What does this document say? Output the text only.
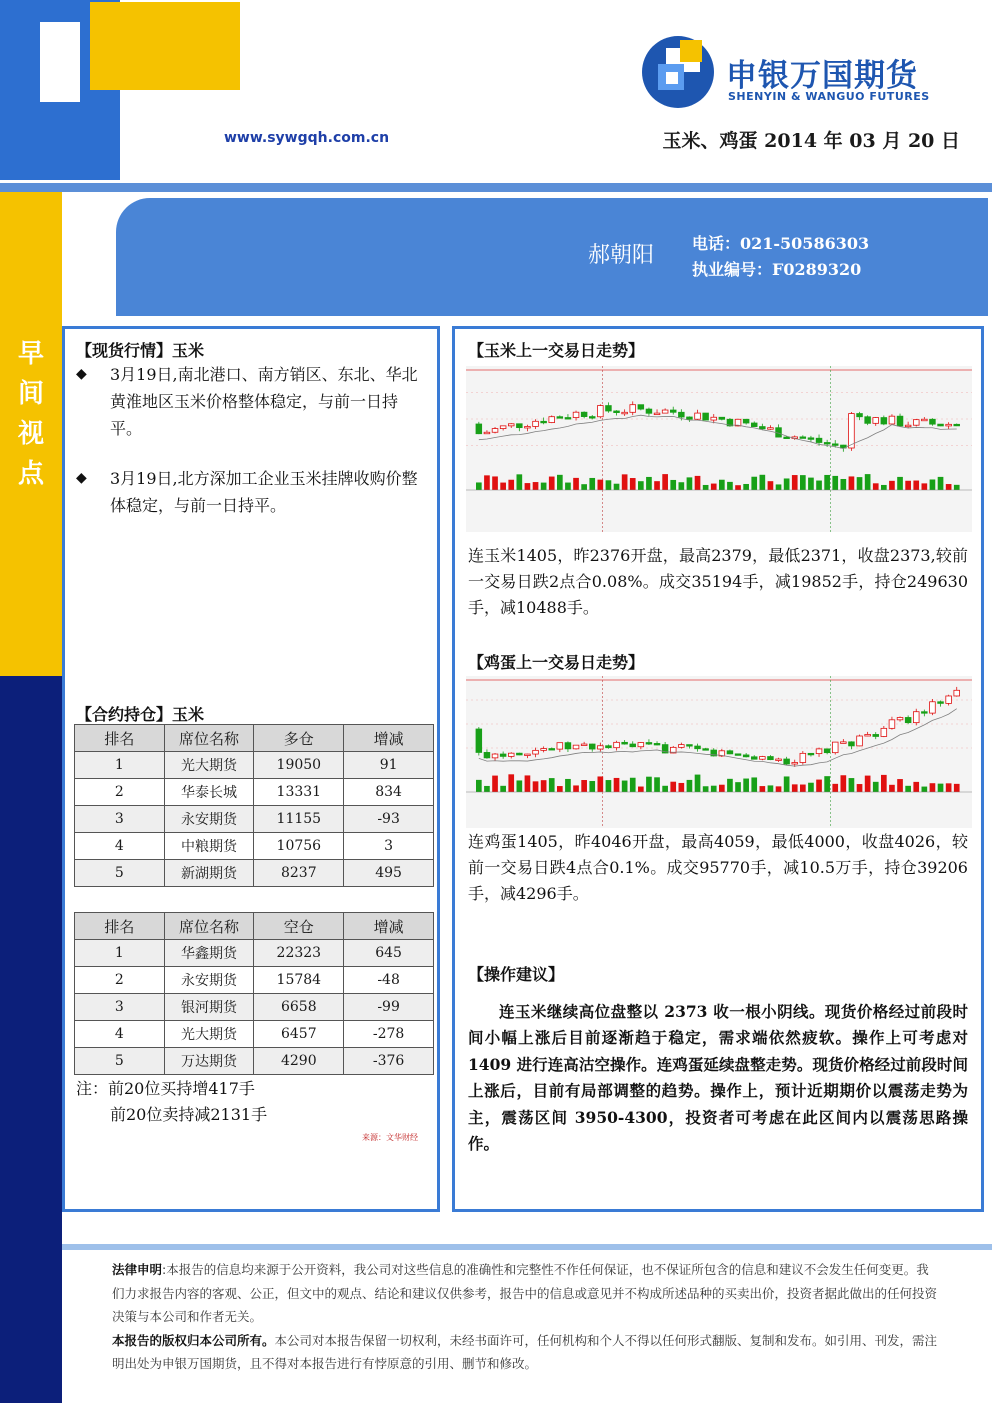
申银万国期货
SHENYIN & WANGUO FUTURES
www.sywgqh.com.cn	玉米、鸡蛋 2014 年 03 月 20 日
早间视点
郝朝阳 电话：021-50586303
执业编号：F0289320
【现货行情】玉米
◆	3月19日,南北港口、南方销区、东北、华北黄淮地区玉米价格整体稳定，与前一日持平。
◆	3月19日,北方深加工企业玉米挂牌收购价整体稳定，与前一日持平。
【合约持仓】玉米
排名	席位名称	多仓	增减
1	光大期货	19050	91
2	华泰长城	13331	834
3	永安期货	11155	-93
4	中粮期货	10756	3
5	新湖期货	8237	495
排名	席位名称	空仓	增减
1	华鑫期货	22323	645
2	永安期货	15784	-48
3	银河期货	6658	-99
4	光大期货	6457	-278
5	万达期货	4290	-376
注：前20位买持增417手
前20位卖持减2131手
来源：文华财经
【玉米上一交易日走势】
连玉米1405，昨2376开盘，最高2379，最低2371，收盘2373,较前一交易日跌2点合0.08%。成交35194手，减19852手，持仓249630手，减10488手。
【鸡蛋上一交易日走势】
连鸡蛋1405，昨4046开盘，最高4059，最低4000，收盘4026，较前一交易日跌4点合0.1%。成交95770手，减10.5万手，持仓39206手，减4296手。
【操作建议】
连玉米继续高位盘整以 2373 收一根小阴线。现货价格经过前段时间小幅上涨后目前逐渐趋于稳定，需求端依然疲软。操作上可考虑对 1409 进行连高沽空操作。连鸡蛋延续盘整走势。现货价格经过前段时间上涨后，目前有局部调整的趋势。操作上，预计近期期价以震荡走势为主，震荡区间 3950-4300，投资者可考虑在此区间内以震荡思路操作。
法律申明:本报告的信息均来源于公开资料，我公司对这些信息的准确性和完整性不作任何保证，也不保证所包含的信息和建议不会发生任何变更。我们力求报告内容的客观、公正，但文中的观点、结论和建议仅供参考，报告中的信息或意见并不构成所述品种的买卖出价，投资者据此做出的任何投资决策与本公司和作者无关。
本报告的版权归本公司所有。本公司对本报告保留一切权利，未经书面许可，任何机构和个人不得以任何形式翻版、复制和发布。如引用、刊发，需注明出处为申银万国期货，且不得对本报告进行有悖原意的引用、删节和修改。
